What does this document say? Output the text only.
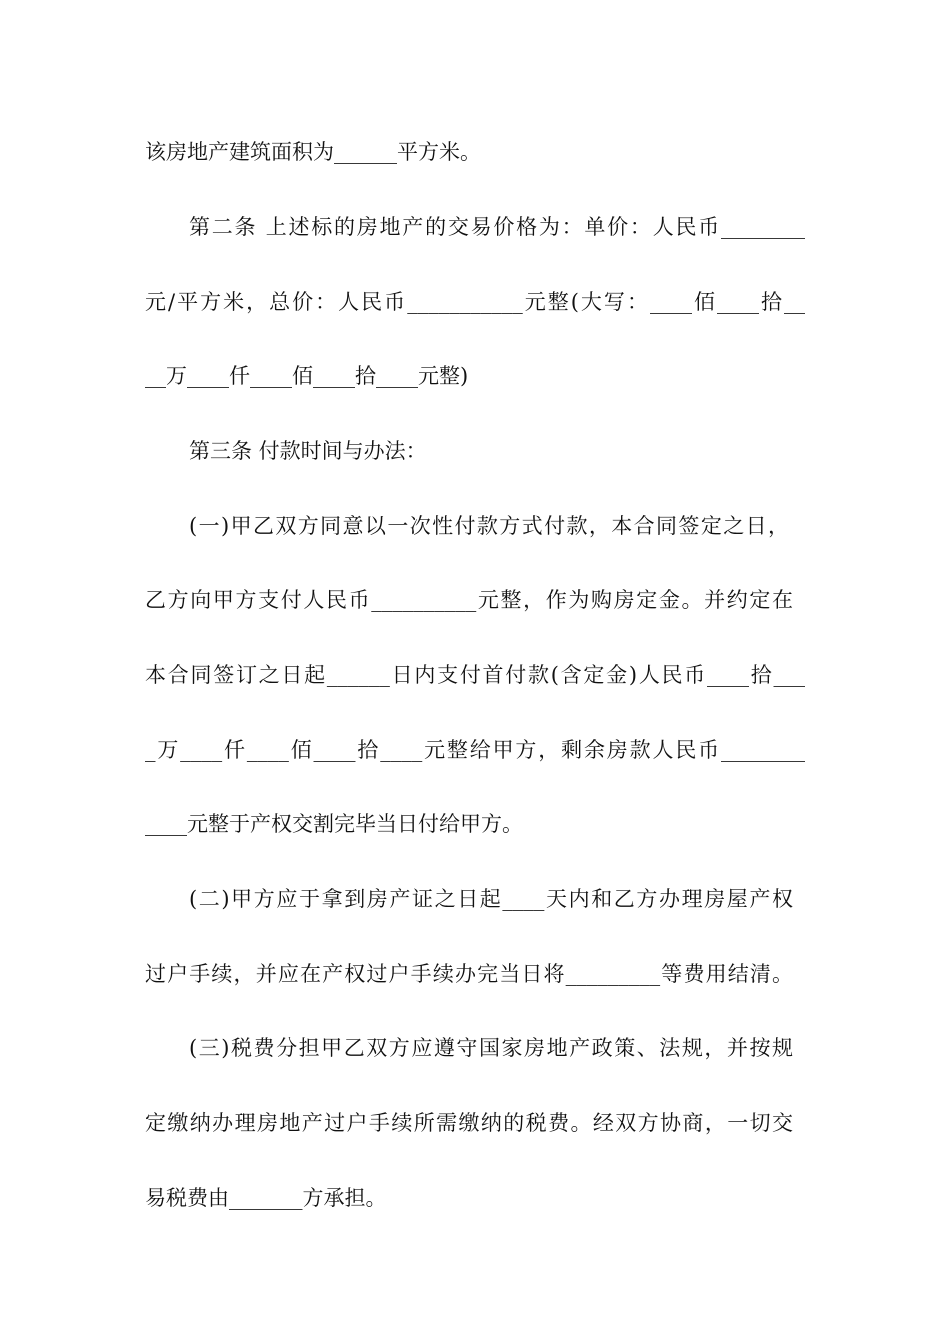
该房地产建筑面积为______平方米。
第二条 上述标的房地产的交易价格为：单价：人民币________
元/平方米，总价：人民币___________元整(大写：____佰____拾__
__万____仟____佰____拾____元整)
第三条 付款时间与办法：
(一)甲乙双方同意以一次性付款方式付款，本合同签定之日，
乙方向甲方支付人民币__________元整，作为购房定金。并约定在
本合同签订之日起______日内支付首付款(含定金)人民币____拾___
_万____仟____佰____拾____元整给甲方，剩余房款人民币________
____元整于产权交割完毕当日付给甲方。
(二)甲方应于拿到房产证之日起____天内和乙方办理房屋产权
过户手续，并应在产权过户手续办完当日将_________等费用结清。
(三)税费分担甲乙双方应遵守国家房地产政策、法规，并按规
定缴纳办理房地产过户手续所需缴纳的税费。经双方协商，一切交
易税费由_______方承担。
